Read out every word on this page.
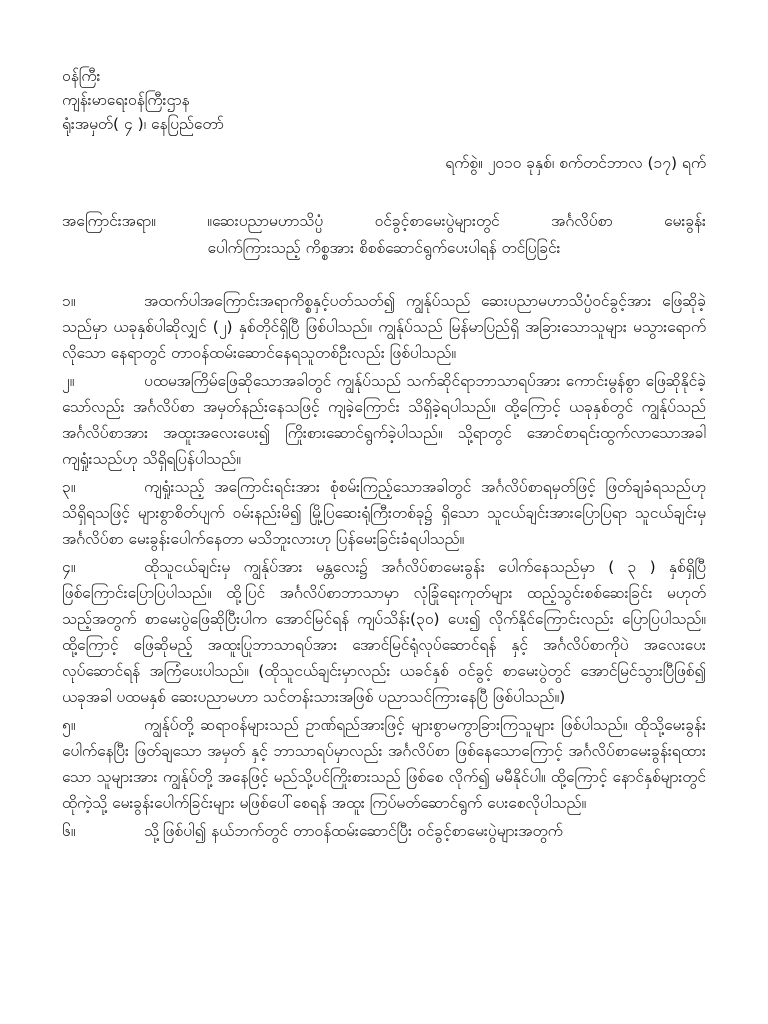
ဝန်ကြီး
ကျန်းမာရေးဝန်ကြီးဌာန
ရုံးအမှတ်( ၄ )၊ နေပြည်တော်
ရက်စွဲ။ ၂၀၁၀ ခုနှစ်၊ စက်တင်ဘာလ (၁၇) ရက်
အကြောင်းအရာ။ ။ဆေးပညာမဟာသိပ္ပံ ဝင်ခွင့်စာမေးပွဲများတွင် အင်္ဂလိပ်စာ မေးခွန်း
ပေါက်ကြားသည့် ကိစ္စအား စိစစ်ဆောင်ရွက်ပေးပါရန် တင်ပြခြင်း

၁။	အထက်ပါအကြောင်းအရာကိစ္စနှင့်ပတ်သတ်၍ ကျွန်ုပ်သည် ဆေးပညာမဟာသိပ္ပံဝင်ခွင့်အား ဖြေဆိုခဲ့သည်မှာ ယခုနှစ်ပါဆိုလျှင် (၂) နှစ်တိုင်ရှိပြီ ဖြစ်ပါသည်။ ကျွန်ုပ်သည် မြန်မာပြည်ရှိ အခြားသောသူများ မသွားရောက်လိုသော နေရာတွင် တာဝန်ထမ်းဆောင်နေရသူတစ်ဦးလည်း ဖြစ်ပါသည်။

၂။	ပထမအကြိမ်ဖြေဆိုသောအခါတွင် ကျွန်ုပ်သည် သက်ဆိုင်ရာဘာသာရပ်အား ကောင်းမွန်စွာ ဖြေဆိုနိုင်ခဲ့သော်လည်း အင်္ဂလိပ်စာ အမှတ်နည်းနေသဖြင့် ကျခဲ့ကြောင်း သိရှိခဲ့ရပါသည်။ ထို့ကြောင့် ယခုနှစ်တွင် ကျွန်ုပ်သည် အင်္ဂလိပ်စာအား အထူးအလေးပေး၍ ကြိုးစားဆောင်ရွက်ခဲ့ပါသည်။ သို့ရာတွင် အောင်စာရင်းထွက်လာသောအခါ ကျရှုံးသည်ဟု သိရှိရပြန်ပါသည်။

၃။	ကျရှုံးသည့် အကြောင်းရင်းအား စုံစမ်းကြည့်သောအခါတွင် အင်္ဂလိပ်စာရမှတ်ဖြင့် ဖြတ်ချခံရသည်ဟု သိရှိရသဖြင့် များစွာစိတ်ပျက် ဝမ်းနည်းမိ၍ မြို့ပြဆေးရုံကြီးတစ်ခု၌ ရှိသော သူငယ်ချင်းအားပြောပြရာ သူငယ်ချင်းမှ အင်္ဂလိပ်စာ မေးခွန်းပေါက်နေတာ မသိဘူးလားဟု ပြန်မေးခြင်းခံရပါသည်။

၄။	ထိုသူငယ်ချင်းမှ ကျွန်ုပ်အား မန္တလေး၌ အင်္ဂလိပ်စာမေးခွန်း ပေါက်နေသည်မှာ ( ၃ ) နှစ်ရှိပြီ ဖြစ်ကြောင်းပြောပြပါသည်။ ထို့ပြင် အင်္ဂလိပ်စာဘာသာမှာ လုံခြုံရေးကုတ်များ ထည့်သွင်းစစ်ဆေးခြင်း မဟုတ်သည့်အတွက် စာမေးပွဲဖြေဆိုပြီးပါက အောင်မြင်ရန် ကျပ်သိန်း(၃၀) ပေး၍ လိုက်နိုင်ကြောင်းလည်း ပြောပြပါသည်။ ထို့ကြောင့် ဖြေဆိုမည့် အထူးပြုဘာသာရပ်အား အောင်မြင်ရုံလုပ်ဆောင်ရန် နှင့် အင်္ဂလိပ်စာကိုပဲ အလေးပေးလုပ်ဆောင်ရန် အကြံပေးပါသည်။ (ထိုသူငယ်ချင်းမှာလည်း ယခင်နှစ် ဝင်ခွင့် စာမေးပွဲတွင် အောင်မြင်သွားပြီဖြစ်၍ ယခုအခါ ပထမနှစ် ဆေးပညာမဟာ သင်တန်းသားအဖြစ် ပညာသင်ကြားနေပြီ ဖြစ်ပါသည်။)

၅။	ကျွန်ုပ်တို့ ဆရာဝန်များသည် ဥာဏ်ရည်အားဖြင့် များစွာမကွာခြားကြသူများ ဖြစ်ပါသည်။ ထိုသို့မေးခွန်းပေါက်နေပြီး ဖြတ်ချသော အမှတ် နှင့် ဘာသာရပ်မှာလည်း အင်္ဂလိပ်စာ ဖြစ်နေသောကြောင့် အင်္ဂလိပ်စာမေးခွန်းရထားသော သူများအား ကျွန်ုပ်တို့ အနေဖြင့် မည်သို့ပင်ကြိုးစားသည် ဖြစ်စေ လိုက်၍ မမီနိုင်ပါ။ ထို့ကြောင့် နောင်နှစ်များတွင် ထိုကဲ့သို့ မေးခွန်းပေါက်ခြင်းများ မဖြစ်ပေါ်စေရန် အထူး ကြပ်မတ်ဆောင်ရွက် ပေးစေလိုပါသည်။

၆။	သို့ဖြစ်ပါ၍ နယ်ဘက်တွင် တာဝန်ထမ်းဆောင်ပြီး ဝင်ခွင့်စာမေးပွဲများအတွက်
